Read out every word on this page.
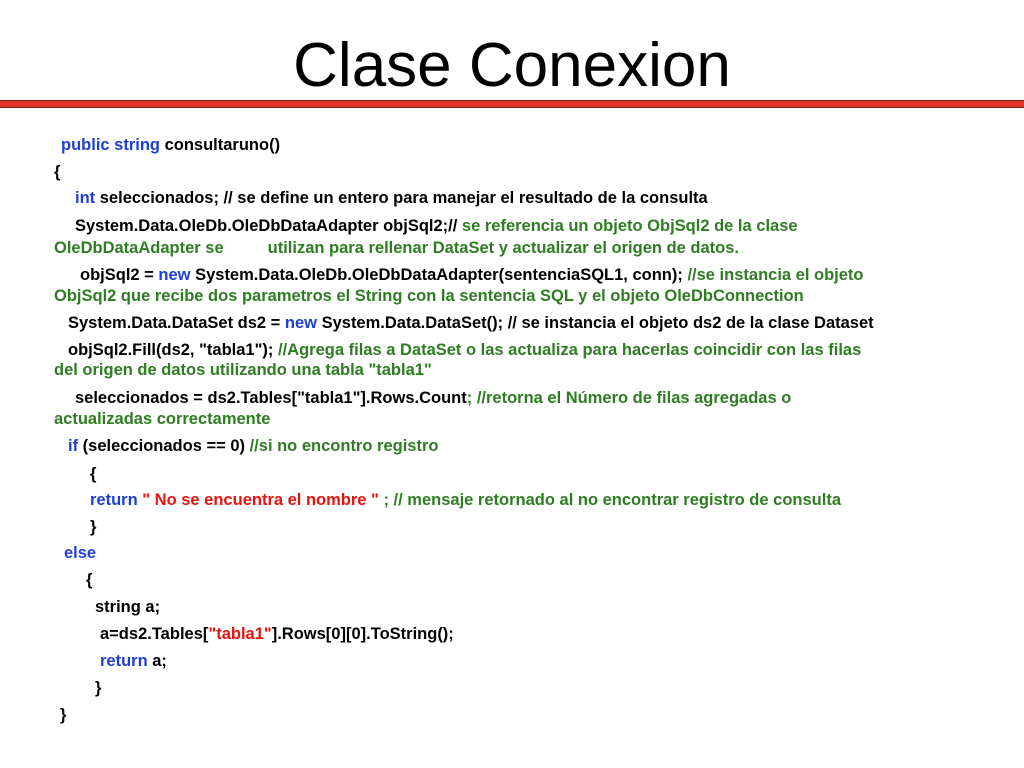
Clase Conexion
public string consultaruno()
{
int seleccionados; // se define un entero para manejar el resultado de la consulta
System.Data.OleDb.OleDbDataAdapter objSql2;// se referencia un objeto ObjSql2 de la clase
OleDbDataAdapter se	utilizan para rellenar DataSet y actualizar el origen de datos.
objSql2 = new System.Data.OleDb.OleDbDataAdapter(sentenciaSQL1, conn); //se instancia el objeto
ObjSql2 que recibe dos parametros el String con la sentencia SQL y el objeto OleDbConnection
System.Data.DataSet ds2 = new System.Data.DataSet(); // se instancia el objeto ds2 de la clase Dataset
objSql2.Fill(ds2, "tabla1"); //Agrega filas a DataSet o las actualiza para hacerlas coincidir con las filas
del origen de datos utilizando una tabla "tabla1"
seleccionados = ds2.Tables["tabla1"].Rows.Count; //retorna el Número de filas agregadas o
actualizadas correctamente
if (seleccionados == 0) //si no encontro registro
{
return " No se encuentra el nombre " ; // mensaje retornado al no encontrar registro de consulta
}
else
{
string a;
a=ds2.Tables["tabla1"].Rows[0][0].ToString();
return a;
}
}
